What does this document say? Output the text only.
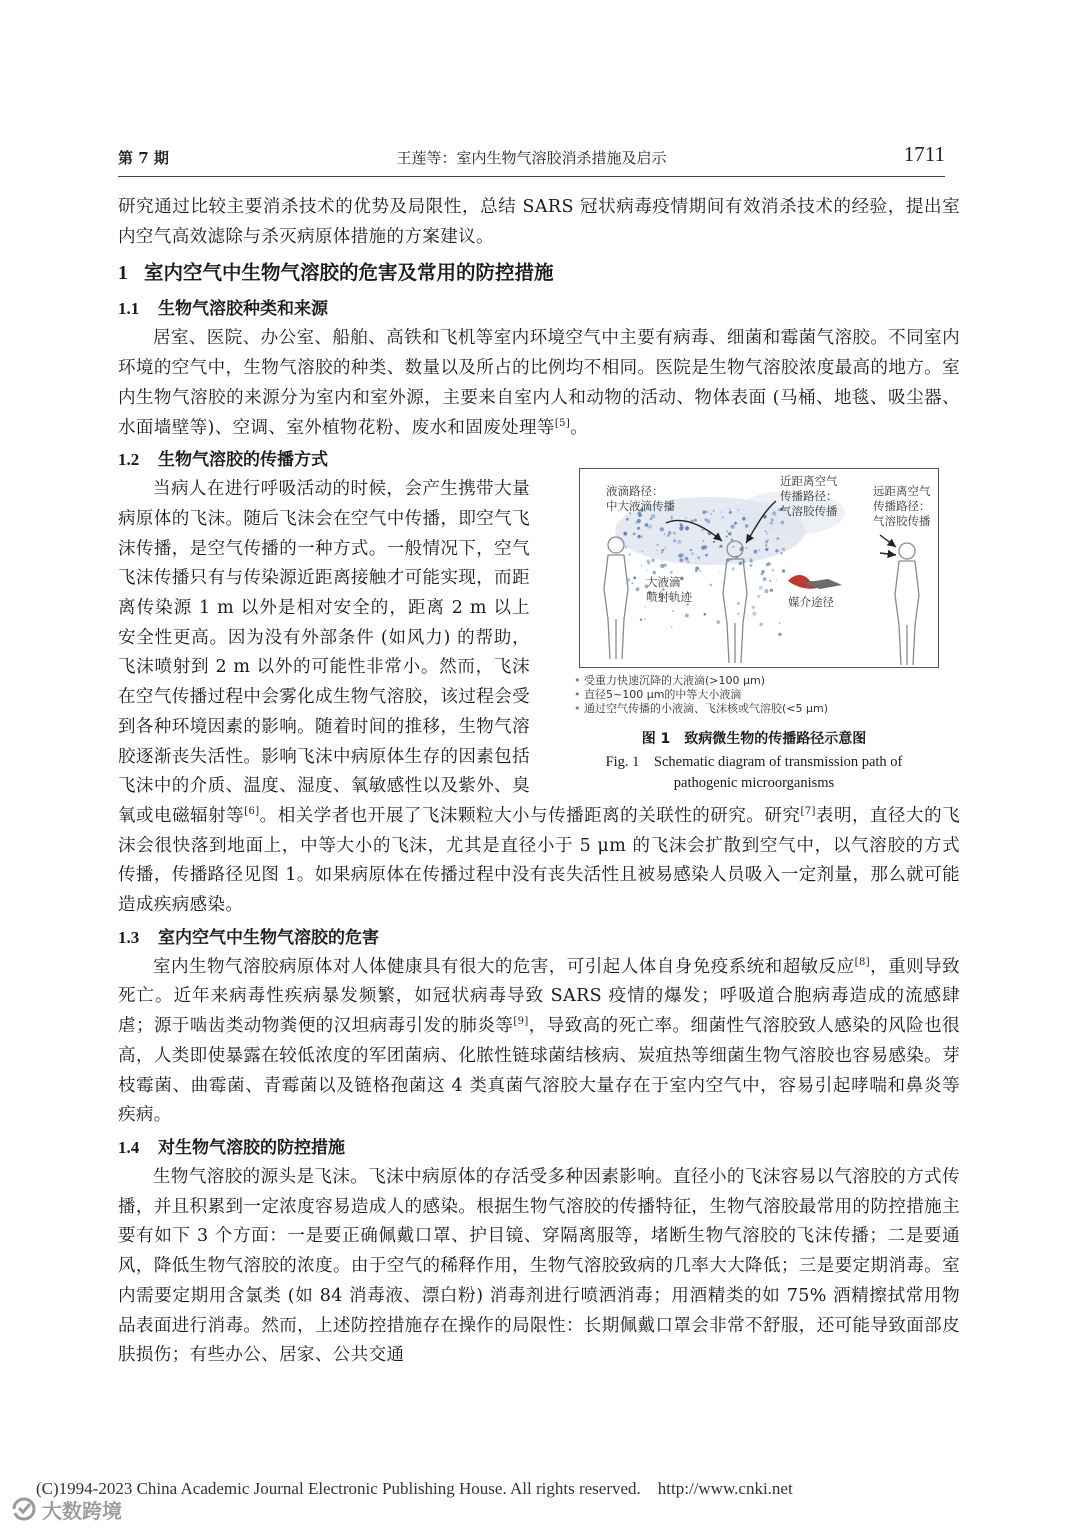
第 7 期	王莲等：室内生物气溶胶消杀措施及启示	1711

研究通过比较主要消杀技术的优势及局限性，总结 SARS 冠状病毒疫情期间有效消杀技术的经验，提出室内空气高效滤除与杀灭病原体措施的方案建议。

1 室内空气中生物气溶胶的危害及常用的防控措施
1.1 生物气溶胶种类和来源

居室、医院、办公室、船舶、高铁和飞机等室内环境空气中主要有病毒、细菌和霉菌气溶胶。不同室内环境的空气中，生物气溶胶的种类、数量以及所占的比例均不相同。医院是生物气溶胶浓度最高的地方。室内生物气溶胶的来源分为室内和室外源，主要来自室内人和动物的活动、物体表面 (马桶、地毯、吸尘器、水面墙壁等)、空调、室外植物花粉、废水和固废处理等[5]。

1.2 生物气溶胶的传播方式
液滴路径：
中大液滴传播
近距离空气
传播路径：
气溶胶传播
远距离空气
传播路径：
气溶胶传播
大液滴
喷射轨迹	媒介途径
• 受重力快速沉降的大液滴(>100 μm)
• 直径5~100 μm的中等大小液滴
• 通过空气传播的小液滴、飞沫核或气溶胶(<5 μm)
图 1　致病微生物的传播路径示意图
Fig. 1　Schematic diagram of transmission path of
pathogenic microorganisms

当病人在进行呼吸活动的时候，会产生携带大量病原体的飞沫。随后飞沫会在空气中传播，即空气飞沫传播，是空气传播的一种方式。一般情况下，空气飞沫传播只有与传染源近距离接触才可能实现，而距离传染源 1 m 以外是相对安全的，距离 2 m 以上安全性更高。因为没有外部条件 (如风力) 的帮助，飞沫喷射到 2 m 以外的可能性非常小。然而，飞沫在空气传播过程中会雾化成生物气溶胶，该过程会受到各种环境因素的影响。随着时间的推移，生物气溶胶逐渐丧失活性。影响飞沫中病原体生存的因素包括飞沫中的介质、温度、湿度、氧敏感性以及紫外、臭氧或电磁辐射等[6]。相关学者也开展了飞沫颗粒大小与传播距离的关联性的研究。研究[7]表明，直径大的飞沫会很快落到地面上，中等大小的飞沫，尤其是直径小于 5 μm 的飞沫会扩散到空气中，以气溶胶的方式传播，传播路径见图 1。如果病原体在传播过程中没有丧失活性且被易感染人员吸入一定剂量，那么就可能造成疾病感染。

1.3 室内空气中生物气溶胶的危害

室内生物气溶胶病原体对人体健康具有很大的危害，可引起人体自身免疫系统和超敏反应[8]，重则导致死亡。近年来病毒性疾病暴发频繁，如冠状病毒导致 SARS 疫情的爆发；呼吸道合胞病毒造成的流感肆虐；源于啮齿类动物粪便的汉坦病毒引发的肺炎等[9]，导致高的死亡率。细菌性气溶胶致人感染的风险也很高，人类即使暴露在较低浓度的军团菌病、化脓性链球菌结核病、炭疽热等细菌生物气溶胶也容易感染。芽枝霉菌、曲霉菌、青霉菌以及链格孢菌这 4 类真菌气溶胶大量存在于室内空气中，容易引起哮喘和鼻炎等疾病。

1.4 对生物气溶胶的防控措施

生物气溶胶的源头是飞沫。飞沫中病原体的存活受多种因素影响。直径小的飞沫容易以气溶胶的方式传播，并且积累到一定浓度容易造成人的感染。根据生物气溶胶的传播特征，生物气溶胶最常用的防控措施主要有如下 3 个方面：一是要正确佩戴口罩、护目镜、穿隔离服等，堵断生物气溶胶的飞沫传播；二是要通风，降低生物气溶胶的浓度。由于空气的稀释作用，生物气溶胶致病的几率大大降低；三是要定期消毒。室内需要定期用含氯类 (如 84 消毒液、漂白粉) 消毒剂进行喷洒消毒；用酒精类的如 75% 酒精擦拭常用物品表面进行消毒。然而，上述防控措施存在操作的局限性：长期佩戴口罩会非常不舒服，还可能导致面部皮肤损伤；有些办公、居家、公共交通

(C)1994-2023 China Academic Journal Electronic Publishing House. All rights reserved.　http://www.cnki.net
大数跨境
